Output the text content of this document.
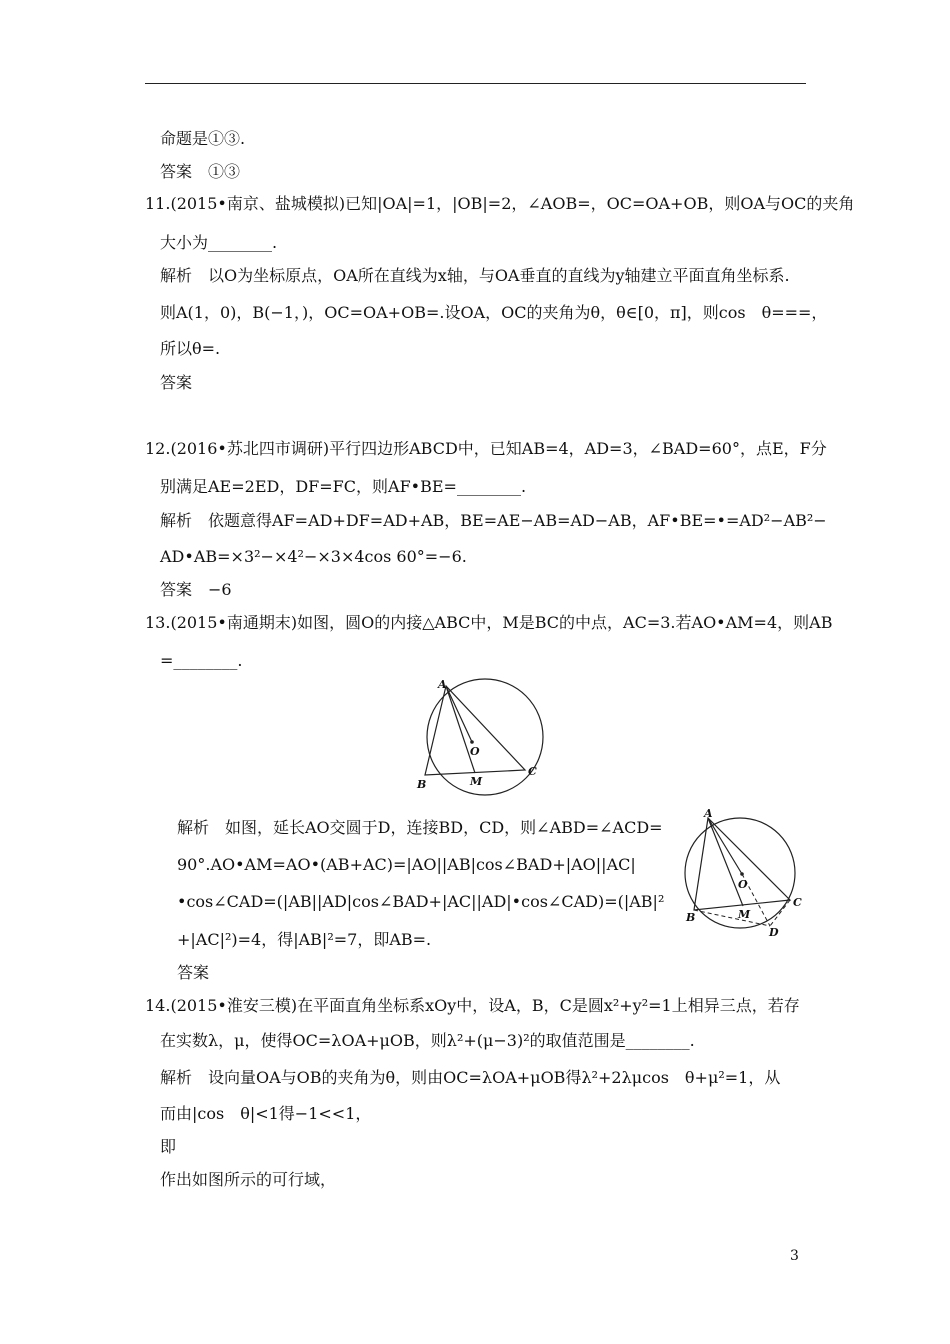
命题是①③.
答案　①③
11.(2015•南京、盐城模拟)已知|OA|=1，|OB|=2，∠AOB=，OC=OA+OB，则OA与OC的夹角
大小为________.
解析　以O为坐标原点，OA所在直线为x轴，与OA垂直的直线为y轴建立平面直角坐标系.
则A(1，0)，B(−1，)，OC=OA+OB=.设OA，OC的夹角为θ，θ∈[0，π]，则cos　θ===，
所以θ=.
答案
12.(2016•苏北四市调研)平行四边形ABCD中，已知AB=4，AD=3，∠BAD=60°，点E，F分
别满足AE=2ED，DF=FC，则AF•BE=________.
解析　依题意得AF=AD+DF=AD+AB，BE=AE−AB=AD−AB，AF•BE=•=AD²−AB²−
AD•AB=×3²−×4²−×3×4cos 60°=−6.
答案　−6
13.(2015•南通期末)如图，圆O的内接△ABC中，M是BC的中点，AC=3.若AO•AM=4，则AB
=________.
A
O
B	M
C
解析　如图，延长AO交圆于D，连接BD，CD，则∠ABD=∠ACD=
90°.AO•AM=AO•(AB+AC)=|AO||AB|cos∠BAD+|AO||AC|
•cos∠CAD=(|AB||AD|cos∠BAD+|AC||AD|•cos∠CAD)=(|AB|²
+|AC|²)=4，得|AB|²=7，即AB=.
答案
A
O
B	M
C
D
14.(2015•淮安三模)在平面直角坐标系xOy中，设A，B，C是圆x²+y²=1上相异三点，若存
在实数λ，μ，使得OC=λOA+μOB，则λ²+(μ−3)²的取值范围是________.
解析　设向量OA与OB的夹角为θ，则由OC=λOA+μOB得λ²+2λμcos　θ+μ²=1，从
而由|cos　θ|<1得−1<<1，
即
作出如图所示的可行域，
3
